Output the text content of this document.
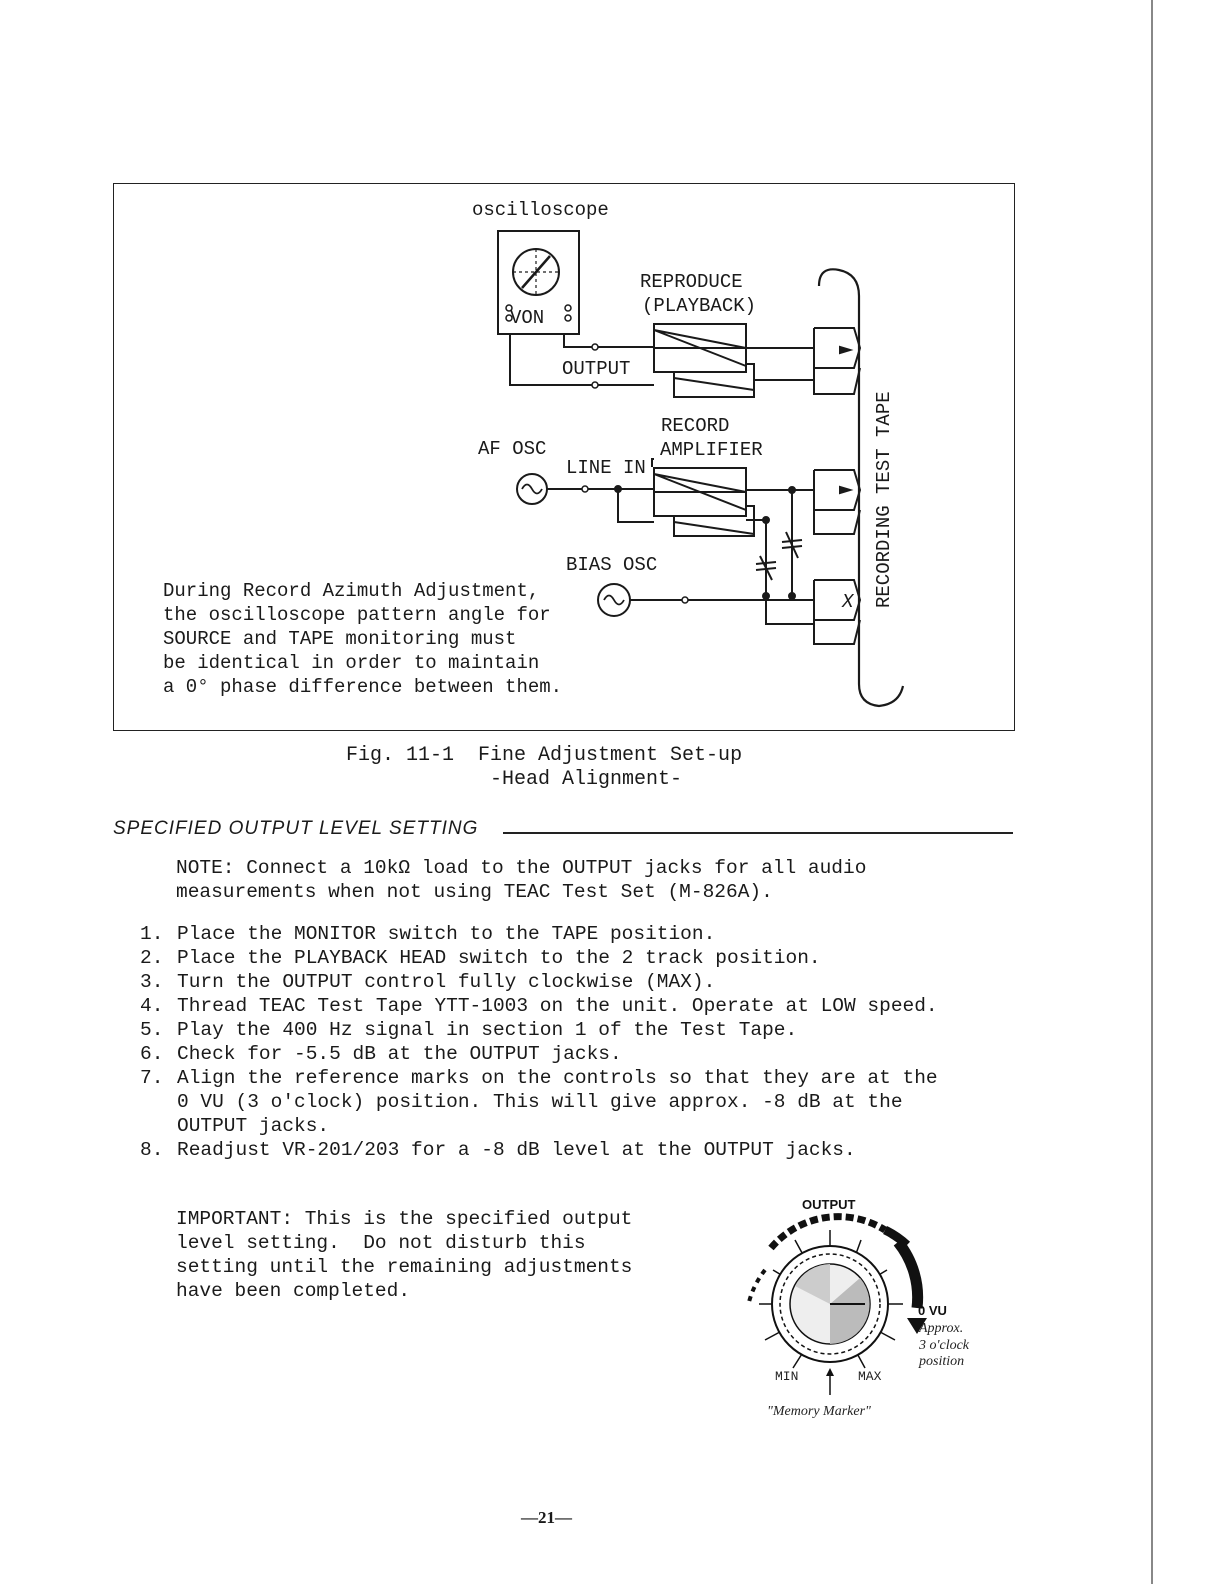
oscilloscope
VON
REPRODUCE
(PLAYBACK)
OUTPUT
RECORD
AMPLIFIER
AF OSC
LINE IN
BIAS OSC
X RECORDING TEST TAPE
During Record Azimuth Adjustment,
the oscilloscope pattern angle for
SOURCE and TAPE monitoring must
be identical in order to maintain
a 0° phase difference between them.
Fig. 11-1  Fine Adjustment Set-up
-Head Alignment-
SPECIFIED OUTPUT LEVEL SETTING
NOTE: Connect a 10kΩ load to the OUTPUT jacks for all audio
measurements when not using TEAC Test Set (M-826A).
1. Place the MONITOR switch to the TAPE position.
2. Place the PLAYBACK HEAD switch to the 2 track position.
3. Turn the OUTPUT control fully clockwise (MAX).
4. Thread TEAC Test Tape YTT-1003 on the unit. Operate at LOW speed.
5. Play the 400 Hz signal in section 1 of the Test Tape.
6. Check for -5.5 dB at the OUTPUT jacks.
7. Align the reference marks on the controls so that they are at the
0 VU (3 o'clock) position. This will give approx. -8 dB at the
OUTPUT jacks.
8. Readjust VR-201/203 for a -8 dB level at the OUTPUT jacks.
IMPORTANT: This is the specified output
level setting.  Do not disturb this
setting until the remaining adjustments
have been completed.
OUTPUT
0 VU
Approx.
3 o'clock
position
MIN	MAX
"Memory Marker"
—21—
